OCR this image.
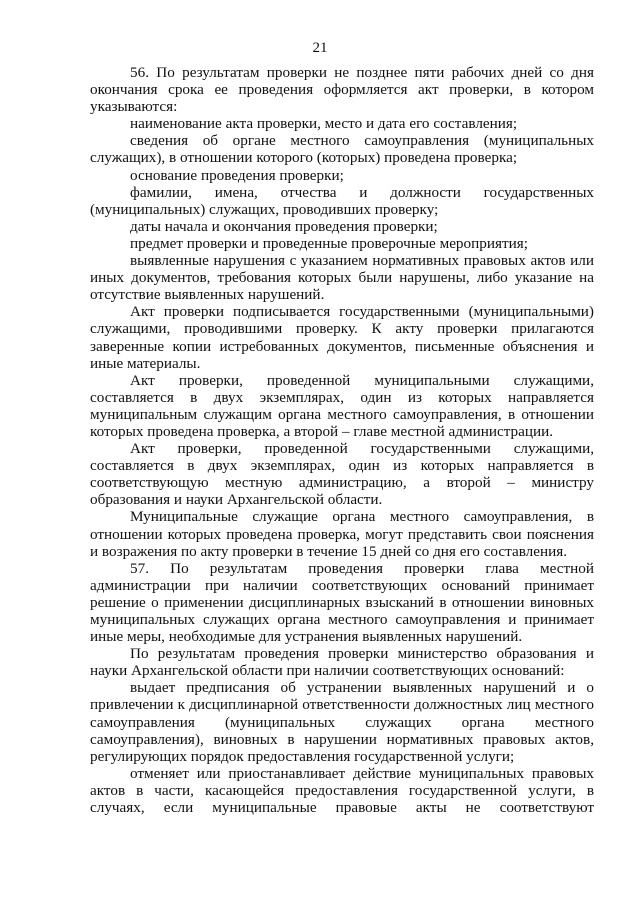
21

56. По результатам проверки не позднее пяти рабочих дней со дня окончания срока ее проведения оформляется акт проверки, в котором указываются:

наименование акта проверки, место и дата его составления;

сведения об органе местного самоуправления (муниципальных служащих), в отношении которого (которых) проведена проверка;

основание проведения проверки;

фамилии, имена, отчества и должности государственных (муниципальных) служащих, проводивших проверку;

даты начала и окончания проведения проверки;

предмет проверки и проведенные проверочные мероприятия;

выявленные нарушения с указанием нормативных правовых актов или иных документов, требования которых были нарушены, либо указание на отсутствие выявленных нарушений.

Акт проверки подписывается государственными (муниципальными) служащими, проводившими проверку. К акту проверки прилагаются заверенные копии истребованных документов, письменные объяснения и иные материалы.

Акт проверки, проведенной муниципальными служащими, составляется в двух экземплярах, один из которых направляется муниципальным служащим органа местного самоуправления, в отношении которых проведена проверка, а второй – главе местной администрации.

Акт проверки, проведенной государственными служащими, составляется в двух экземплярах, один из которых направляется в соответствующую местную администрацию, а второй – министру образования и науки Архангельской области.

Муниципальные служащие органа местного самоуправления, в отношении которых проведена проверка, могут представить свои пояснения и возражения по акту проверки в течение 15 дней со дня его составления.

57. По результатам проведения проверки глава местной администрации при наличии соответствующих оснований принимает решение о применении дисциплинарных взысканий в отношении виновных муниципальных служащих органа местного самоуправления и принимает иные меры, необходимые для устранения выявленных нарушений.

По результатам проведения проверки министерство образования и науки Архангельской области при наличии соответствующих оснований:

выдает предписания об устранении выявленных нарушений и о привлечении к дисциплинарной ответственности должностных лиц местного самоуправления (муниципальных служащих органа местного самоуправления), виновных в нарушении нормативных правовых актов, регулирующих порядок предоставления государственной услуги;

отменяет или приостанавливает действие муниципальных правовых актов в части, касающейся предоставления государственной услуги, в случаях, если муниципальные правовые акты не соответствуют
